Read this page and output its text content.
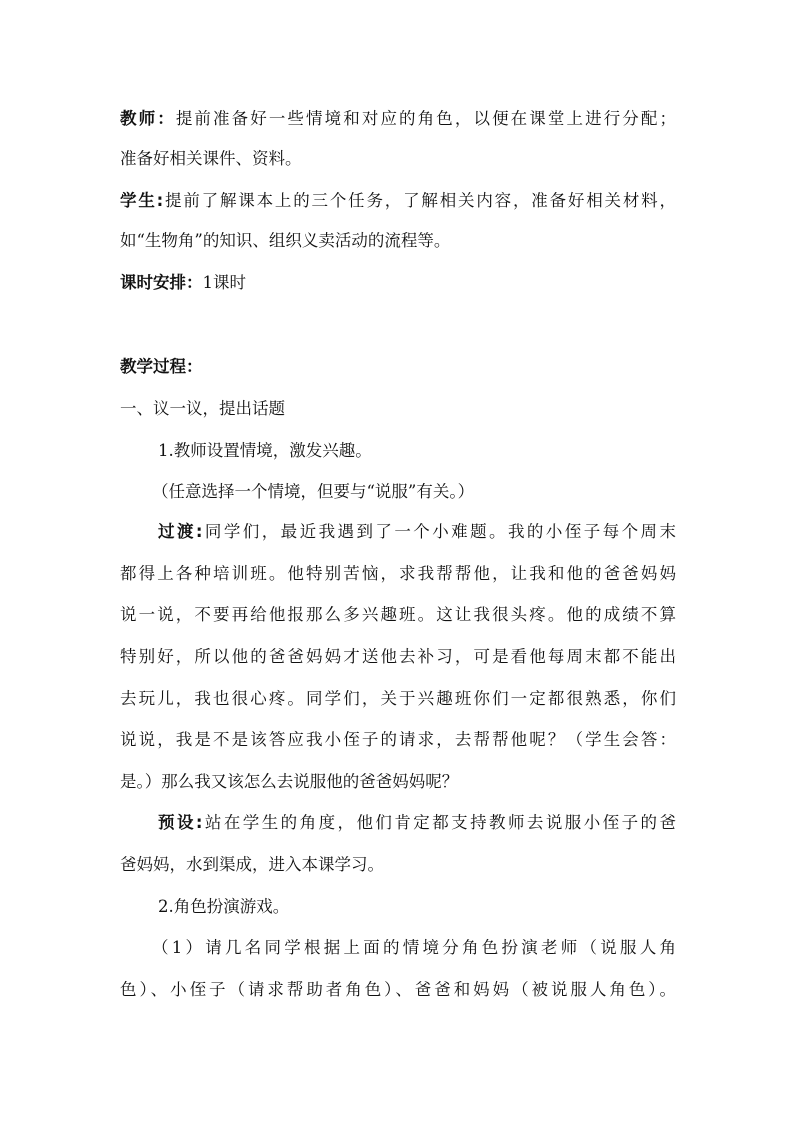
教师：提前准备好一些情境和对应的角色，以便在课堂上进行分配；
准备好相关课件、资料。
学生:提前了解课本上的三个任务，了解相关内容，准备好相关材料，
如“生物角”的知识、组织义卖活动的流程等。
课时安排：1课时
教学过程：
一、议一议，提出话题
1.教师设置情境，激发兴趣。
（任意选择一个情境，但要与“说服”有关。）
过渡:同学们，最近我遇到了一个小难题。我的小侄子每个周末
都得上各种培训班。他特别苦恼，求我帮帮他，让我和他的爸爸妈妈
说一说，不要再给他报那么多兴趣班。这让我很头疼。他的成绩不算
特别好，所以他的爸爸妈妈才送他去补习，可是看他每周末都不能出
去玩儿，我也很心疼。同学们，关于兴趣班你们一定都很熟悉，你们
说说，我是不是该答应我小侄子的请求，去帮帮他呢？（学生会答：
是。）那么我又该怎么去说服他的爸爸妈妈呢？
预设:站在学生的角度，他们肯定都支持教师去说服小侄子的爸
爸妈妈，水到渠成，进入本课学习。
2.角色扮演游戏。
（1）请几名同学根据上面的情境分角色扮演老师（说服人角
色）、小侄子（请求帮助者角色）、爸爸和妈妈（被说服人角色）。
